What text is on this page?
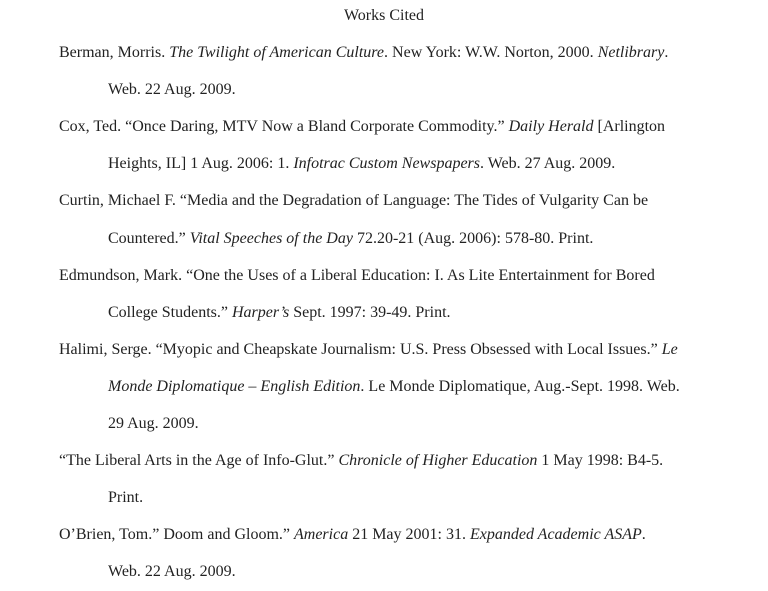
Works Cited
Berman, Morris. The Twilight of American Culture. New York: W.W. Norton, 2000. Netlibrary.
Web. 22 Aug. 2009.
Cox, Ted. “Once Daring, MTV Now a Bland Corporate Commodity.” Daily Herald [Arlington
Heights, IL] 1 Aug. 2006: 1. Infotrac Custom Newspapers. Web. 27 Aug. 2009.
Curtin, Michael F. “Media and the Degradation of Language: The Tides of Vulgarity Can be
Countered.” Vital Speeches of the Day 72.20-21 (Aug. 2006): 578-80. Print.
Edmundson, Mark. “One the Uses of a Liberal Education: I. As Lite Entertainment for Bored
College Students.” Harper’s Sept. 1997: 39-49. Print.
Halimi, Serge. “Myopic and Cheapskate Journalism: U.S. Press Obsessed with Local Issues.” Le
Monde Diplomatique – English Edition. Le Monde Diplomatique, Aug.-Sept. 1998. Web.
29 Aug. 2009.
“The Liberal Arts in the Age of Info-Glut.” Chronicle of Higher Education 1 May 1998: B4-5.
Print.
O’Brien, Tom.” Doom and Gloom.” America 21 May 2001: 31. Expanded Academic ASAP.
Web. 22 Aug. 2009.
